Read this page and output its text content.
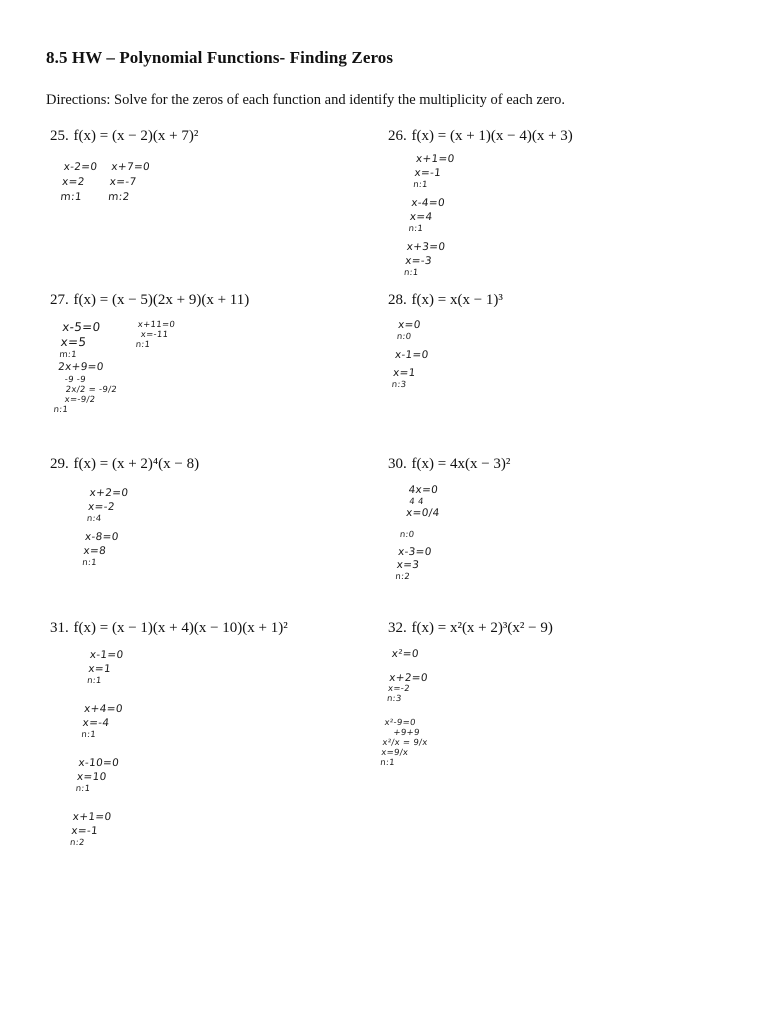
8.5 HW – Polynomial Functions- Finding Zeros
Directions: Solve for the zeros of each function and identify the multiplicity of each zero.
25. f(x) = (x − 2)(x + 7)²
x-2=0
x=2
m:1
x+7=0
x=-7
m:2
26. f(x) = (x + 1)(x − 4)(x + 3)
x+1=0
x=-1
n:1
x-4=0
x=4
n:1
x+3=0
x=-3
n:1
27. f(x) = (x − 5)(2x + 9)(x + 11)
x-5=0
x=5
m:1
2x+9=0
-9 -9
2x/2 = -9/2
x=-9/2
n:1
x+11=0
x=-11
n:1
28. f(x) = x(x − 1)³
x=0
n:0
x-1=0
x=1
n:3
29. f(x) = (x + 2)⁴(x − 8)
x+2=0
x=-2
n:4
x-8=0
x=8
n:1
30. f(x) = 4x(x − 3)²
4x=0
4 4
x=0/4
n:0
x-3=0
x=3
n:2
31. f(x) = (x − 1)(x + 4)(x − 10)(x + 1)²
x-1=0
x=1
n:1
x+4=0
x=-4
n:1
x-10=0
x=10
n:1
x+1=0
x=-1
n:2
32. f(x) = x²(x + 2)³(x² − 9)
x²=0
x+2=0
x=-2
n:3
x²-9=0
+9+9
x²/x = 9/x
x=9/x
n:1
